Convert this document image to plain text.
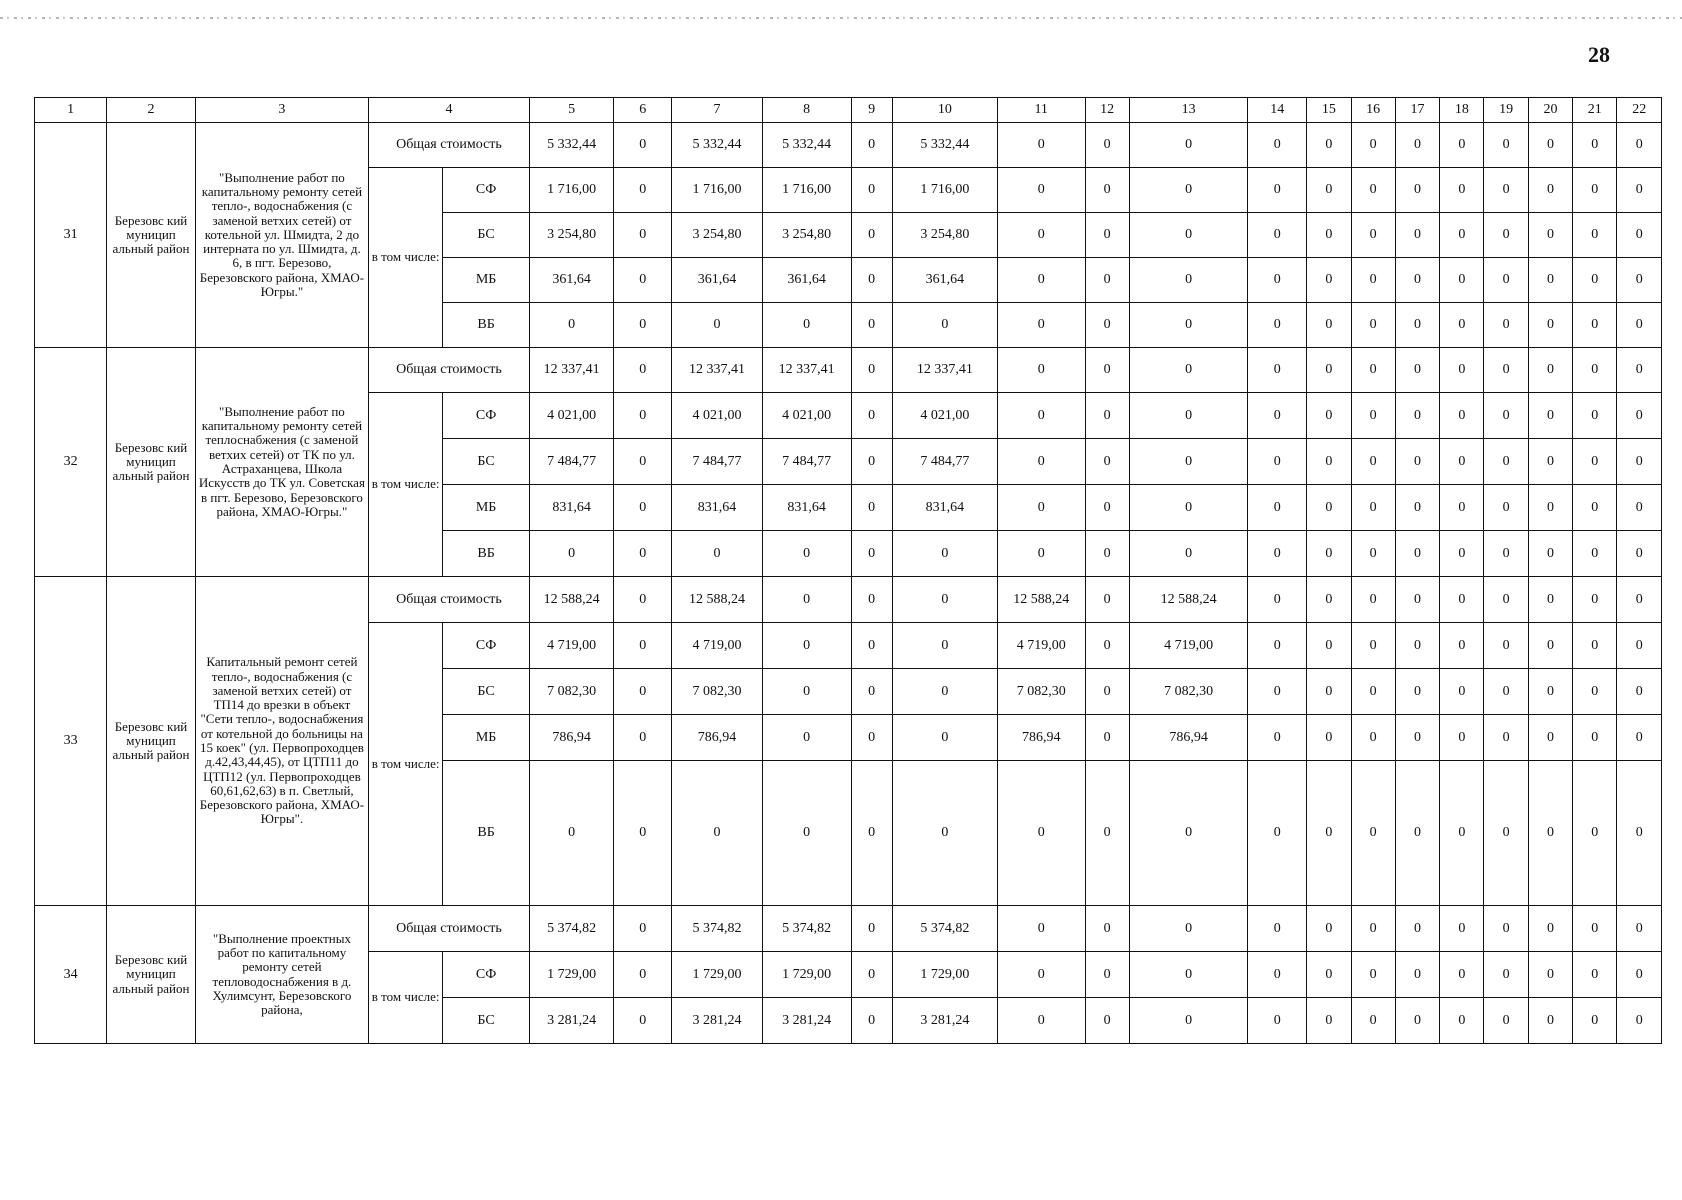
28
1	2	3	4		5	6	7	8	9	10	11	12	13	14	15	16	17	18	19	20	21	22
31	Березовс кий муницип альный район	"Выполнение работ по капитальному ремонту сетей тепло-, водоснабжения (с заменой ветхих сетей) от котельной ул. Шмидта, 2 до интерната по ул. Шмидта, д. 6, в пгт. Березово, Березовского района, ХМАО-Югры."	Общая стоимость		5 332,44	0	5 332,44	5 332,44	0	5 332,44	0	0	0	0	0	0	0	0	0	0	0	0
			в том числе:	СФ	1 716,00	0	1 716,00	1 716,00	0	1 716,00	0	0	0	0	0	0	0	0	0	0	0	0
				БС	3 254,80	0	3 254,80	3 254,80	0	3 254,80	0	0	0	0	0	0	0	0	0	0	0	0
				МБ	361,64	0	361,64	361,64	0	361,64	0	0	0	0	0	0	0	0	0	0	0	0
				ВБ	0	0	0	0	0	0	0	0	0	0	0	0	0	0	0	0	0	0
32	Березовс кий муницип альный район	"Выполнение работ по капитальному ремонту сетей теплоснабжения (с заменой ветхих сетей) от ТК по ул. Астраханцева, Школа Искусств до ТК ул. Советская в пгт. Березово, Березовского района, ХМАО-Югры."	Общая стоимость		12 337,41	0	12 337,41	12 337,41	0	12 337,41	0	0	0	0	0	0	0	0	0	0	0	0
			в том числе:	СФ	4 021,00	0	4 021,00	4 021,00	0	4 021,00	0	0	0	0	0	0	0	0	0	0	0	0
				БС	7 484,77	0	7 484,77	7 484,77	0	7 484,77	0	0	0	0	0	0	0	0	0	0	0	0
				МБ	831,64	0	831,64	831,64	0	831,64	0	0	0	0	0	0	0	0	0	0	0	0
				ВБ	0	0	0	0	0	0	0	0	0	0	0	0	0	0	0	0	0	0
33	Березовс кий муницип альный район	Капитальный ремонт сетей тепло-, водоснабжения (с заменой ветхих сетей) от ТП14 до врезки в объект "Сети тепло-, водоснабжения от котельной до больницы на 15 коек" (ул. Первопроходцев д.42,43,44,45), от ЦТП11 до ЦТП12 (ул. Первопроходцев 60,61,62,63) в п. Светлый, Березовского района, ХМАО-Югры".	Общая стоимость		12 588,24	0	12 588,24	0	0	0	12 588,24	0	12 588,24	0	0	0	0	0	0	0	0	0
			в том числе:	СФ	4 719,00	0	4 719,00	0	0	0	4 719,00	0	4 719,00	0	0	0	0	0	0	0	0	0
				БС	7 082,30	0	7 082,30	0	0	0	7 082,30	0	7 082,30	0	0	0	0	0	0	0	0	0
				МБ	786,94	0	786,94	0	0	0	786,94	0	786,94	0	0	0	0	0	0	0	0	0
				ВБ	0	0	0	0	0	0	0	0	0	0	0	0	0	0	0	0	0	0
34	Березовс кий муницип альный район	"Выполнение проектных работ по капитальному ремонту сетей тепловодоснабжения в д. Хулимсунт, Березовского района,	Общая стоимость		5 374,82	0	5 374,82	5 374,82	0	5 374,82	0	0	0	0	0	0	0	0	0	0	0	0
			в том числе:	СФ	1 729,00	0	1 729,00	1 729,00	0	1 729,00	0	0	0	0	0	0	0	0	0	0	0	0
				БС	3 281,24	0	3 281,24	3 281,24	0	3 281,24	0	0	0	0	0	0	0	0	0	0	0	0
